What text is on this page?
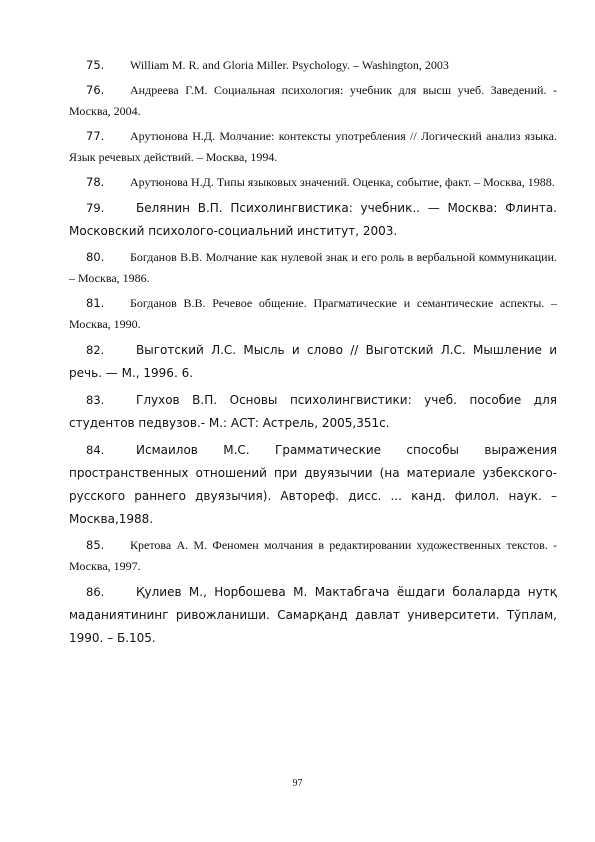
75. William M. R. and Gloria Miller. Psychology. – Washington, 2003
76. Андреева Г.М. Социальная психология: учебник для высш учеб. Заведений. - Москва, 2004.
77. Арутюнова Н.Д. Молчание: контексты употребления // Логический анализ языка. Язык речевых действий. – Москва, 1994.
78. Арутюнова Н.Д. Типы языковых значений. Оценка, событие, факт. – Москва, 1988.
79.	Белянин В.П. Психолингвистика: учебник.. — Москва: Флинта. Московский психолого-социальний институт, 2003.
80. Богданов В.В. Молчание как нулевой знак и его роль в вербальной коммуникации. – Москва, 1986.
81. Богданов В.В. Речевое общение. Прагматические и семантические аспекты. – Москва, 1990.
82.	Выготский Л.С. Мысль и слово // Выготский Л.С. Мышление и речь. — М., 1996. 6.
83.	Глухов В.П. Основы психолингвистики: учеб. пособие для студентов педвузов.- М.: АСТ: Астрель, 2005,351с.
84.	Исмаилов М.С. Грамматические способы выражения пространственных отношений при двуязычии (на материале узбекского-русского раннего двуязычия). Автореф. дисс. ... канд. филол. наук. – Москва,1988.
85. Кретова А. М. Феномен молчания в редактировании художественных текстов. - Москва, 1997.
86.	Қулиев М., Норбошева М. Мактабгача ёшдаги болаларда нутқ маданиятининг ривожланиши. Самарқанд давлат университети. Тўплам, 1990. – Б.105.
97
